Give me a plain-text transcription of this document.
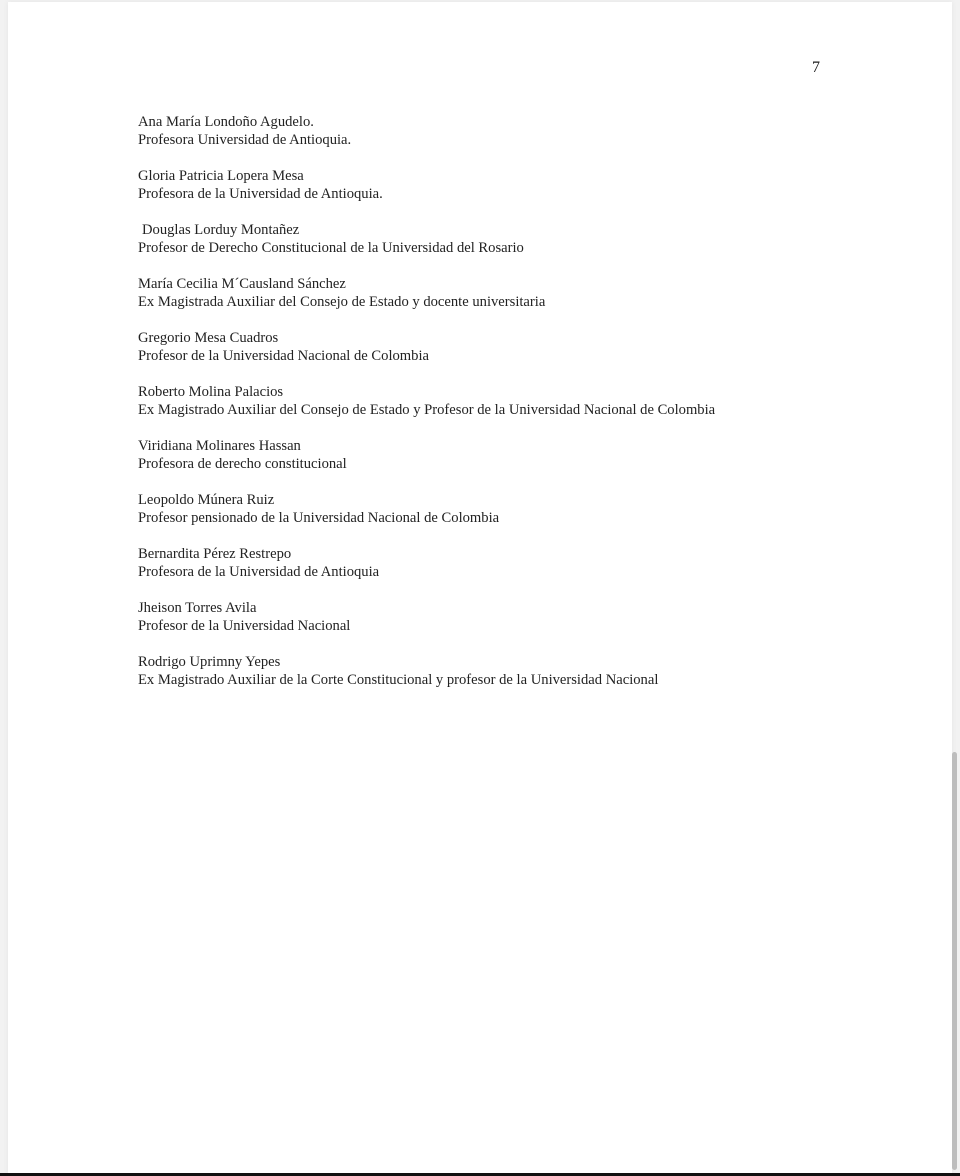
7
Ana María Londoño Agudelo.
Profesora Universidad de Antioquia.
Gloria Patricia Lopera Mesa
Profesora de la Universidad de Antioquia.
Douglas Lorduy Montañez
Profesor de Derecho Constitucional de la Universidad del Rosario
María Cecilia M´Causland Sánchez
Ex Magistrada Auxiliar del Consejo de Estado y docente universitaria
Gregorio Mesa Cuadros
Profesor de la Universidad Nacional de Colombia
Roberto Molina Palacios
Ex Magistrado Auxiliar del Consejo de Estado y Profesor de la Universidad Nacional de Colombia
Viridiana Molinares Hassan
Profesora de derecho constitucional
Leopoldo Múnera Ruiz
Profesor pensionado de la Universidad Nacional de Colombia
Bernardita Pérez Restrepo
Profesora de la Universidad de Antioquia
Jheison Torres Avila
Profesor de la Universidad Nacional
Rodrigo Uprimny Yepes
Ex Magistrado Auxiliar de la Corte Constitucional y profesor de la Universidad Nacional
